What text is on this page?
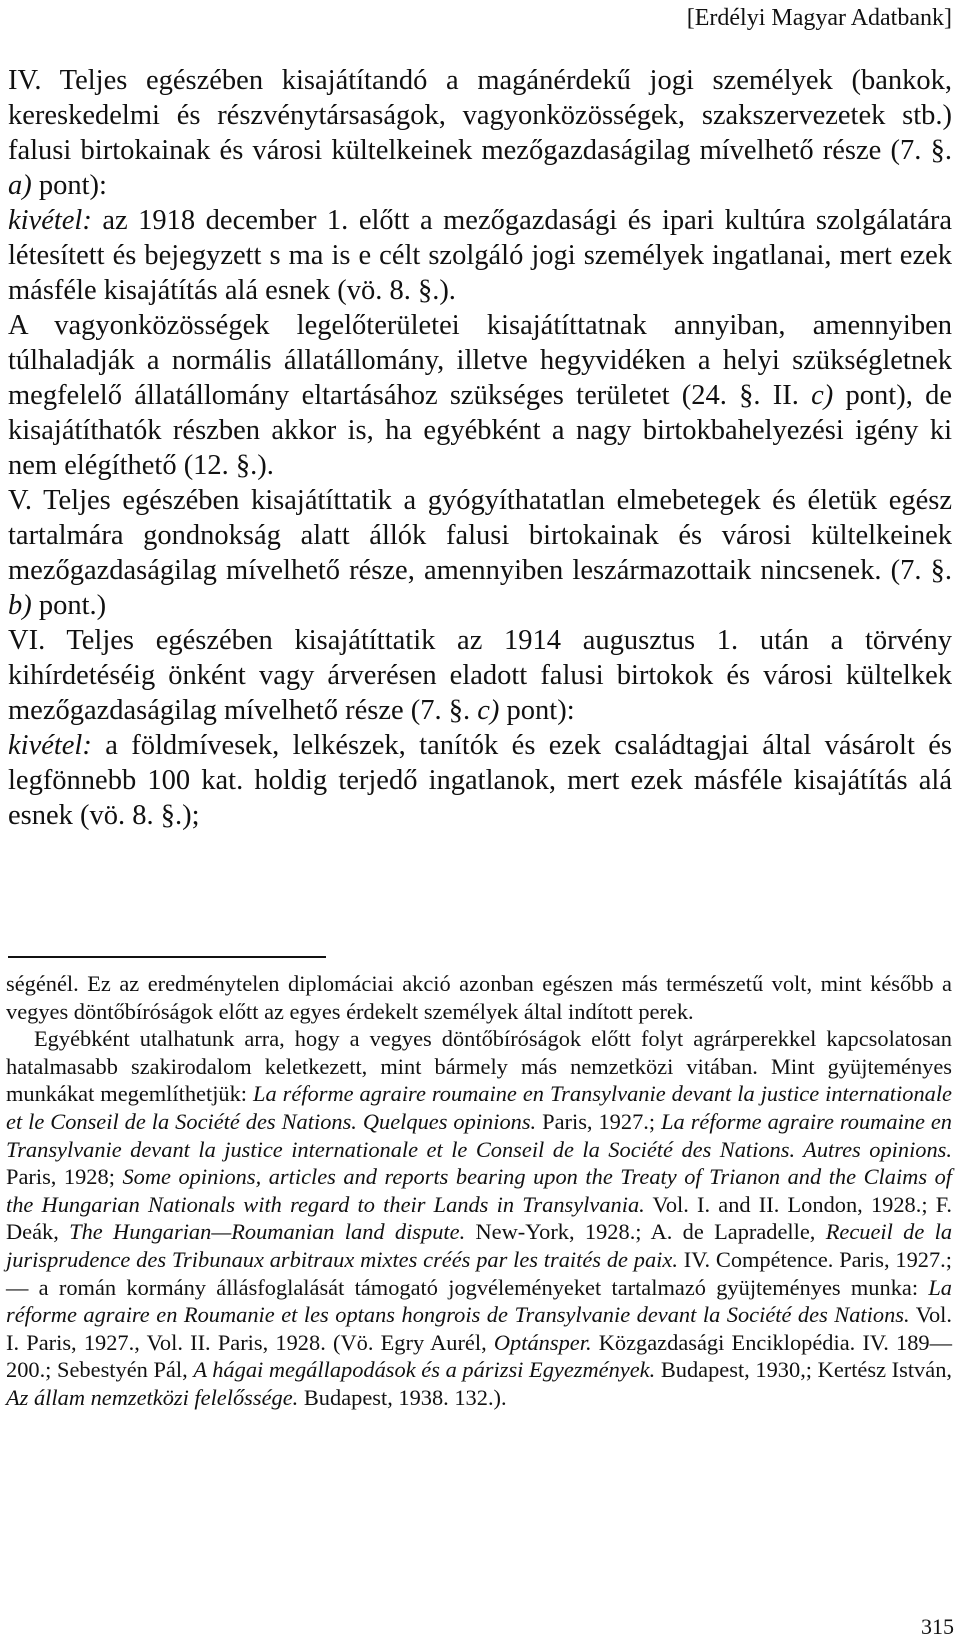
[Erdélyi Magyar Adatbank]

IV. Teljes egészében kisajátítandó a magánérdekű jogi személyek (bankok, kereskedelmi és részvénytársaságok, vagyonközösségek, szakszervezetek stb.) falusi birtokainak és városi kültelkeinek mezőgazdaságilag mívelhető része (7. §. a) pont):

kivétel: az 1918 december 1. előtt a mezőgazdasági és ipari kultúra szolgálatára létesített és bejegyzett s ma is e célt szolgáló jogi személyek ingatlanai, mert ezek másféle kisajátítás alá esnek (vö. 8. §.).

A vagyonközösségek legelőterületei kisajátíttatnak annyiban, amennyiben túlhaladják a normális állatállomány, illetve hegyvidéken a helyi szükségletnek megfelelő állatállomány eltartásához szükséges területet (24. §. II. c) pont), de kisajátíthatók részben akkor is, ha egyébként a nagy birtokbahelyezési igény ki nem elégíthető (12. §.).

V. Teljes egészében kisajátíttatik a gyógyíthatatlan elmebetegek és életük egész tartalmára gondnokság alatt állók falusi birtokainak és városi kültelkeinek mezőgazdaságilag mívelhető része, amennyiben leszármazottaik nincsenek. (7. §. b) pont.)

VI. Teljes egészében kisajátíttatik az 1914 augusztus 1. után a törvény kihírdetéséig önként vagy árverésen eladott falusi birtokok és városi kültelkek mezőgazdaságilag mívelhető része (7. §. c) pont):

kivétel: a földmívesek, lelkészek, tanítók és ezek családtagjai által vásárolt és legfönnebb 100 kat. holdig terjedő ingatlanok, mert ezek másféle kisajátítás alá esnek (vö. 8. §.);

ségénél. Ez az eredménytelen diplomáciai akció azonban egészen más természetű volt, mint később a vegyes döntőbíróságok előtt az egyes érdekelt személyek által indított perek.

Egyébként utalhatunk arra, hogy a vegyes döntőbíróságok előtt folyt agrárperekkel kapcsolatosan hatalmasabb szakirodalom keletkezett, mint bármely más nemzetközi vitában. Mint gyüjteményes munkákat megemlíthetjük: La réforme agraire roumaine en Transylvanie devant la justice internationale et le Conseil de la Société des Nations. Quelques opinions. Paris, 1927.; La réforme agraire roumaine en Transylvanie devant la justice internationale et le Conseil de la Société des Nations. Autres opinions. Paris, 1928; Some opinions, articles and reports bearing upon the Treaty of Trianon and the Claims of the Hungarian Nationals with regard to their Lands in Transylvania. Vol. I. and II. London, 1928.; F. Deák, The Hungarian—Roumanian land dispute. New-York, 1928.; A. de Lapradelle, Recueil de la jurisprudence des Tribunaux arbitraux mixtes créés par les traités de paix. IV. Compétence. Paris, 1927.; — a román kormány állásfoglalását támogató jogvéleményeket tartalmazó gyüjteményes munka: La réforme agraire en Roumanie et les optans hongrois de Transylvanie devant la Société des Nations. Vol. I. Paris, 1927., Vol. II. Paris, 1928. (Vö. Egry Aurél, Optánsper. Közgazdasági Enciklopédia. IV. 189—200.; Sebestyén Pál, A hágai megállapodások és a párizsi Egyezmények. Budapest, 1930,; Kertész István, Az állam nemzetközi felelőssége. Budapest, 1938. 132.).

315
